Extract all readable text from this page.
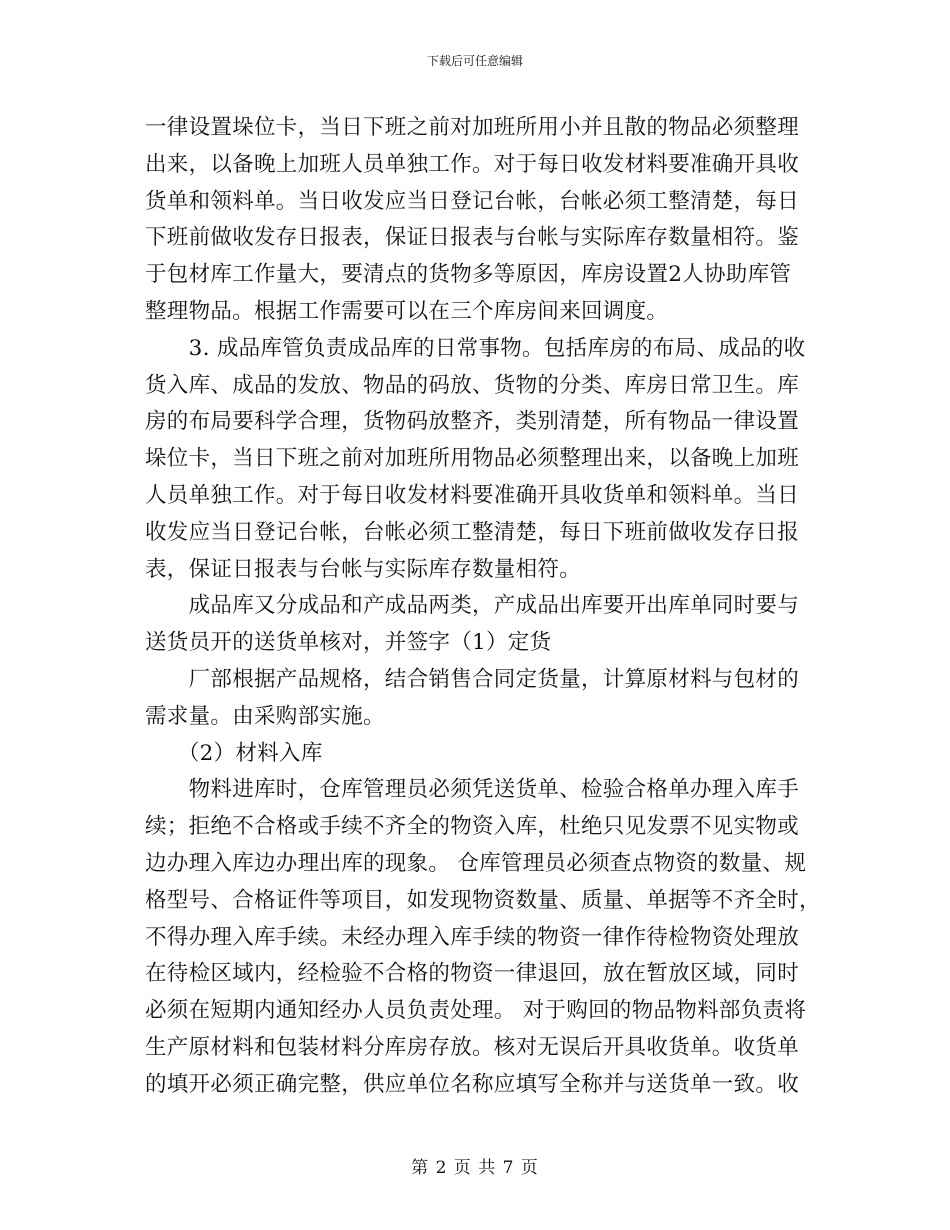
下载后可任意编辑
一律设置垛位卡，当日下班之前对加班所用小并且散的物品必须整理
出来，以备晚上加班人员单独工作。对于每日收发材料要准确开具收
货单和领料单。当日收发应当日登记台帐，台帐必须工整清楚，每日
下班前做收发存日报表，保证日报表与台帐与实际库存数量相符。鉴
于包材库工作量大，要清点的货物多等原因，库房设置2人协助库管
整理物品。根据工作需要可以在三个库房间来回调度。
　　3. 成品库管负责成品库的日常事物。包括库房的布局、成品的收
货入库、成品的发放、物品的码放、货物的分类、库房日常卫生。库
房的布局要科学合理，货物码放整齐，类别清楚，所有物品一律设置
垛位卡，当日下班之前对加班所用物品必须整理出来，以备晚上加班
人员单独工作。对于每日收发材料要准确开具收货单和领料单。当日
收发应当日登记台帐，台帐必须工整清楚，每日下班前做收发存日报
表，保证日报表与台帐与实际库存数量相符。
　　成品库又分成品和产成品两类，产成品出库要开出库单同时要与
送货员开的送货单核对，并签字（1）定货
　　厂部根据产品规格，结合销售合同定货量，计算原材料与包材的
需求量。由采购部实施。
　　（2）材料入库
　　物料进库时，仓库管理员必须凭送货单、检验合格单办理入库手
续；拒绝不合格或手续不齐全的物资入库，杜绝只见发票不见实物或
边办理入库边办理出库的现象。 仓库管理员必须查点物资的数量、规
格型号、合格证件等项目，如发现物资数量、质量、单据等不齐全时，
不得办理入库手续。未经办理入库手续的物资一律作待检物资处理放
在待检区域内，经检验不合格的物资一律退回，放在暂放区域，同时
必须在短期内通知经办人员负责处理。 对于购回的物品物料部负责将
生产原材料和包装材料分库房存放。核对无误后开具收货单。收货单
的填开必须正确完整，供应单位名称应填写全称并与送货单一致。收
第 2 页 共 7 页
